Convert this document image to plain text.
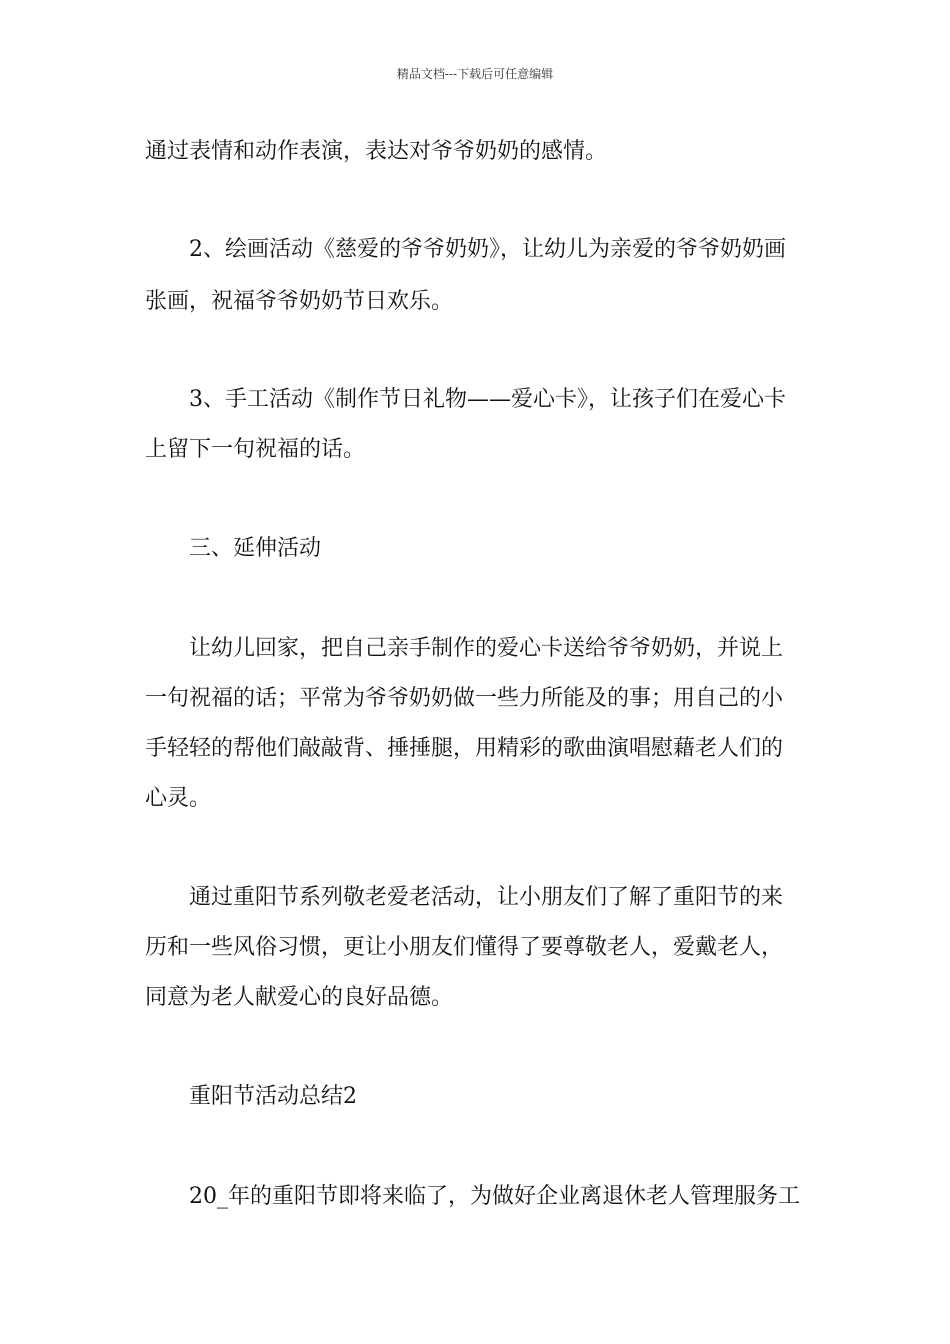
精品文档---下载后可任意编辑
通过表情和动作表演，表达对爷爷奶奶的感情。
2、绘画活动《慈爱的爷爷奶奶》，让幼儿为亲爱的爷爷奶奶画
张画，祝福爷爷奶奶节日欢乐。
3、手工活动《制作节日礼物——爱心卡》，让孩子们在爱心卡
上留下一句祝福的话。
三、延伸活动
让幼儿回家，把自己亲手制作的爱心卡送给爷爷奶奶，并说上
一句祝福的话；平常为爷爷奶奶做一些力所能及的事；用自己的小
手轻轻的帮他们敲敲背、捶捶腿，用精彩的歌曲演唱慰藉老人们的
心灵。
通过重阳节系列敬老爱老活动，让小朋友们了解了重阳节的来
历和一些风俗习惯，更让小朋友们懂得了要尊敬老人，爱戴老人，
同意为老人献爱心的良好品德。
重阳节活动总结2
20_年的重阳节即将来临了，为做好企业离退休老人管理服务工
